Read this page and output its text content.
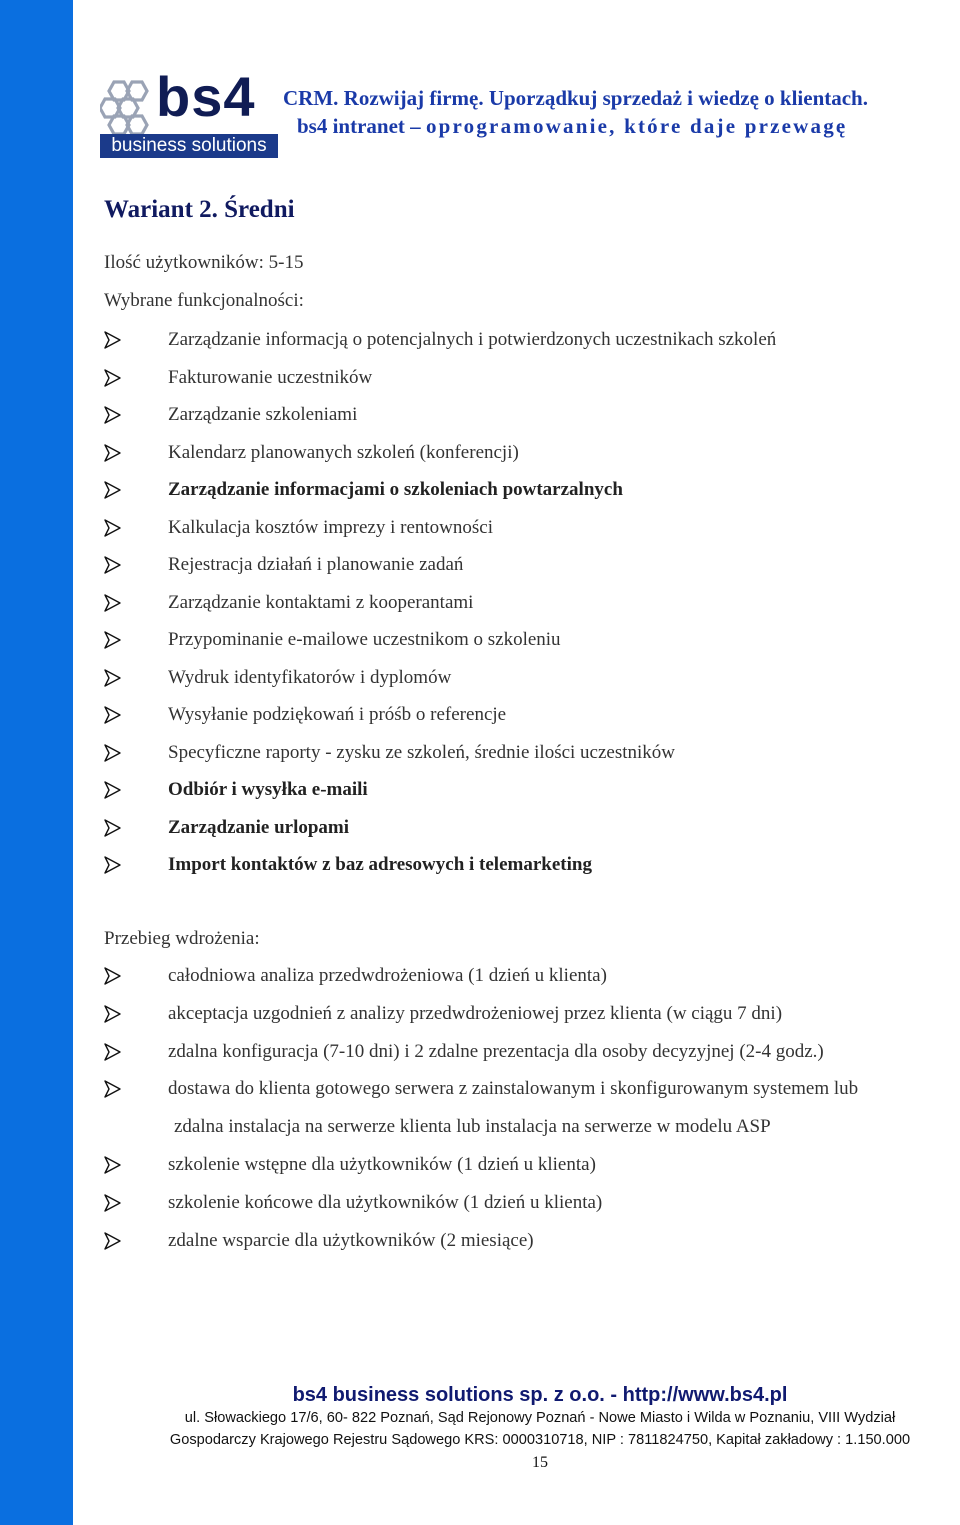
bs4
business solutions
CRM. Rozwijaj firmę. Uporządkuj sprzedaż i wiedzę o klientach.
bs4 intranet – oprogramowanie, które daje przewagę
Wariant 2. Średni
Ilość użytkowników: 5-15
Wybrane funkcjonalności:
Zarządzanie informacją o potencjalnych i potwierdzonych uczestnikach szkoleń
Fakturowanie uczestników
Zarządzanie szkoleniami
Kalendarz planowanych szkoleń (konferencji)
Zarządzanie informacjami o szkoleniach powtarzalnych
Kalkulacja kosztów imprezy i rentowności
Rejestracja działań i planowanie zadań
Zarządzanie kontaktami z kooperantami
Przypominanie e-mailowe uczestnikom o szkoleniu
Wydruk identyfikatorów i dyplomów
Wysyłanie podziękowań i próśb o referencje
Specyficzne raporty - zysku ze szkoleń, średnie ilości uczestników
Odbiór i wysyłka e-maili
Zarządzanie urlopami
Import kontaktów z baz adresowych i telemarketing
Przebieg wdrożenia:
całodniowa analiza przedwdrożeniowa (1 dzień u klienta)
akceptacja uzgodnień z analizy przedwdrożeniowej przez klienta (w ciągu 7 dni)
zdalna konfiguracja (7-10 dni) i 2 zdalne prezentacja dla osoby decyzyjnej (2-4 godz.)
dostawa do klienta gotowego serwera z zainstalowanym i skonfigurowanym systemem lub
zdalna instalacja na serwerze klienta lub instalacja na serwerze w modelu ASP
szkolenie wstępne dla użytkowników (1 dzień u klienta)
szkolenie końcowe dla użytkowników (1 dzień u klienta)
zdalne wsparcie dla użytkowników (2 miesiące)
bs4 business solutions sp. z o.o. - http://www.bs4.pl
ul. Słowackiego 17/6, 60- 822 Poznań, Sąd Rejonowy Poznań - Nowe Miasto i Wilda w Poznaniu, VIII Wydział
Gospodarczy Krajowego Rejestru Sądowego KRS: 0000310718, NIP : 7811824750, Kapitał zakładowy : 1.150.000
15
